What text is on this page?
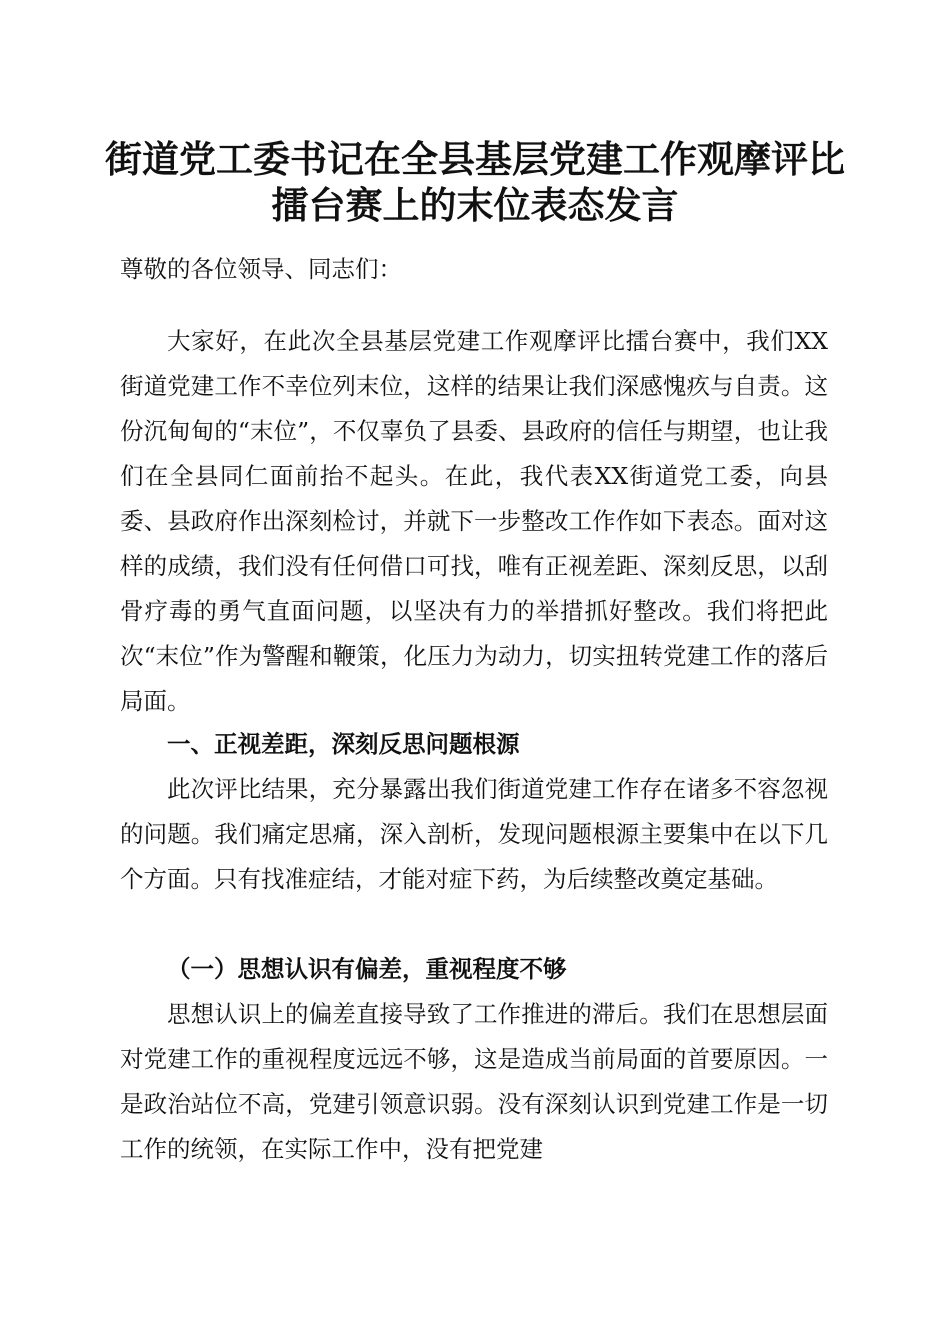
街道党工委书记在全县基层党建工作观摩评比
擂台赛上的末位表态发言

尊敬的各位领导、同志们：

大家好，在此次全县基层党建工作观摩评比擂台赛中，我们XX街道党建工作不幸位列末位，这样的结果让我们深感愧疚与自责。这份沉甸甸的“末位”，不仅辜负了县委、县政府的信任与期望，也让我们在全县同仁面前抬不起头。在此，我代表XX街道党工委，向县委、县政府作出深刻检讨，并就下一步整改工作作如下表态。面对这样的成绩，我们没有任何借口可找，唯有正视差距、深刻反思，以刮骨疗毒的勇气直面问题，以坚决有力的举措抓好整改。我们将把此次“末位”作为警醒和鞭策，化压力为动力，切实扭转党建工作的落后局面。

一、正视差距，深刻反思问题根源

此次评比结果，充分暴露出我们街道党建工作存在诸多不容忽视的问题。我们痛定思痛，深入剖析，发现问题根源主要集中在以下几个方面。只有找准症结，才能对症下药，为后续整改奠定基础。

（一）思想认识有偏差，重视程度不够

思想认识上的偏差直接导致了工作推进的滞后。我们在思想层面对党建工作的重视程度远远不够，这是造成当前局面的首要原因。一是政治站位不高，党建引领意识弱。没有深刻认识到党建工作是一切工作的统领，在实际工作中，没有把党建
